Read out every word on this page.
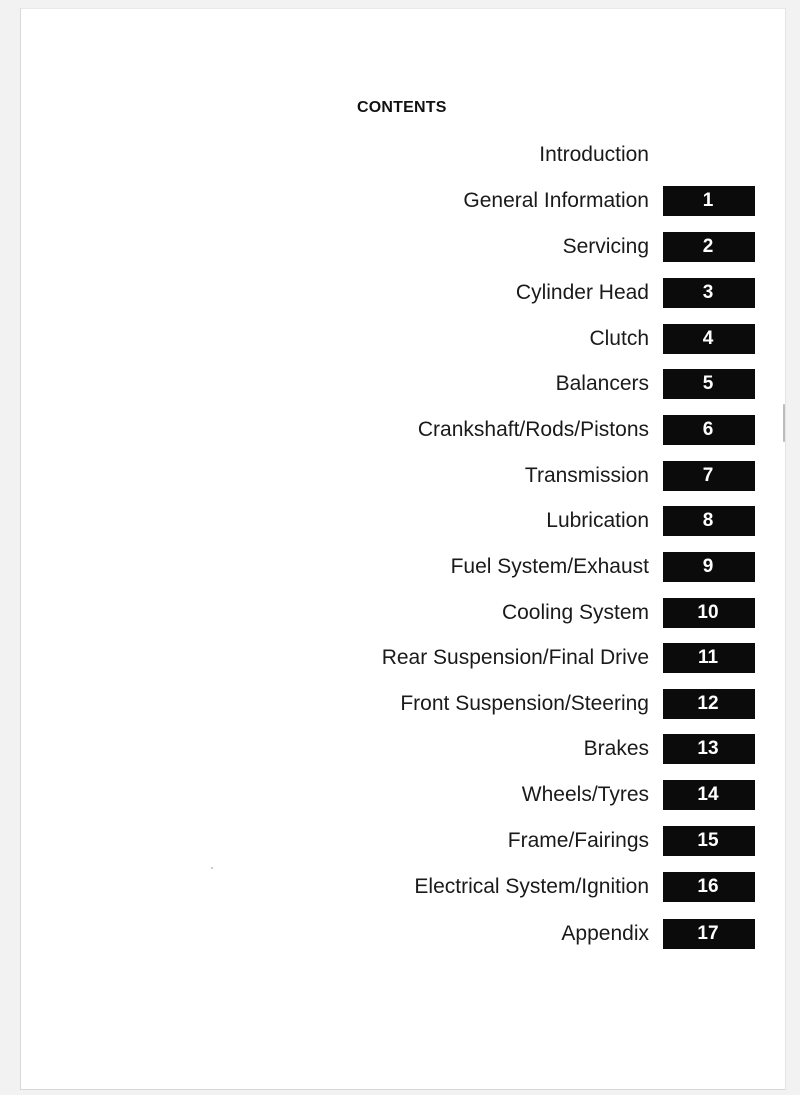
CONTENTS
Introduction
General Information	1
Servicing	2
Cylinder Head	3
Clutch	4
Balancers	5
Crankshaft/Rods/Pistons	6
Transmission	7
Lubrication	8
Fuel System/Exhaust	9
Cooling System	10
Rear Suspension/Final Drive	11
Front Suspension/Steering	12
Brakes	13
Wheels/Tyres	14
Frame/Fairings	15
Electrical System/Ignition	16
Appendix	17
